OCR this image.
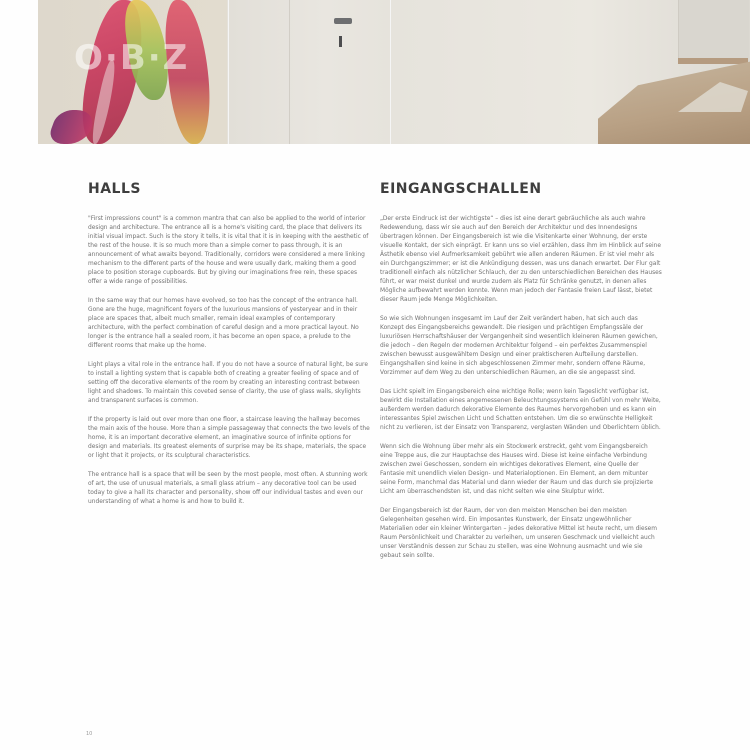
O·B·Z
HALLS

"First impressions count" is a common mantra that can also be applied to the world of interior design and architecture. The entrance all is a home's visiting card, the place that delivers its initial visual impact. Such is the story it tells, it is vital that it is in keeping with the aesthetic of the rest of the house. It is so much more than a simple corner to pass through, it is an announcement of what awaits beyond. Traditionally, corridors were considered a mere linking mechanism to the different parts of the house and were usually dark, making them a good place to position storage cupboards. But by giving our imaginations free rein, these spaces offer a wide range of possibilities.

In the same way that our homes have evolved, so too has the concept of the entrance hall. Gone are the huge, magnificent foyers of the luxurious mansions of yesteryear and in their place are spaces that, albeit much smaller, remain ideal examples of contemporary architecture, with the perfect combination of careful design and a more practical layout. No longer is the entrance hall a sealed room, it has become an open space, a prelude to the different rooms that make up the home.

Light plays a vital role in the entrance hall. If you do not have a source of natural light, be sure to install a lighting system that is capable both of creating a greater feeling of space and of setting off the decorative elements of the room by creating an interesting contrast between light and shadows. To maintain this coveted sense of clarity, the use of glass walls, skylights and transparent surfaces is common.

If the property is laid out over more than one floor, a staircase leaving the hallway becomes the main axis of the house. More than a simple passageway that connects the two levels of the home, it is an important decorative element, an imaginative source of infinite options for design and materials. Its greatest elements of surprise may be its shape, materials, the space or light that it projects, or its sculptural characteristics.

The entrance hall is a space that will be seen by the most people, most often. A stunning work of art, the use of unusual materials, a small glass atrium – any decorative tool can be used today to give a hall its character and personality, show off our individual tastes and even our understanding of what a home is and how to build it.

EINGANGSCHALLEN

„Der erste Eindruck ist der wichtigste“ – dies ist eine derart gebräuchliche als auch wahre Redewendung, dass wir sie auch auf den Bereich der Architektur und des Innendesigns übertragen können. Der Eingangsbereich ist wie die Visitenkarte einer Wohnung, der erste visuelle Kontakt, der sich einprägt. Er kann uns so viel erzählen, dass ihm im Hinblick auf seine Ästhetik ebenso viel Aufmerksamkeit gebührt wie allen anderen Räumen. Er ist viel mehr als ein Durchgangszimmer; er ist die Ankündigung dessen, was uns danach erwartet. Der Flur galt traditionell einfach als nützlicher Schlauch, der zu den unterschiedlichen Bereichen des Hauses führt, er war meist dunkel und wurde zudem als Platz für Schränke genutzt, in denen alles Mögliche aufbewahrt werden konnte. Wenn man jedoch der Fantasie freien Lauf lässt, bietet dieser Raum jede Menge Möglichkeiten.

So wie sich Wohnungen insgesamt im Lauf der Zeit verändert haben, hat sich auch das Konzept des Eingangsbereichs gewandelt. Die riesigen und prächtigen Empfangssäle der luxuriösen Herrschaftshäuser der Vergangenheit sind wesentlich kleineren Räumen gewichen, die jedoch – den Regeln der modernen Architektur folgend – ein perfektes Zusammenspiel zwischen bewusst ausgewähltem Design und einer praktischeren Aufteilung darstellen. Eingangshallen sind keine in sich abgeschlossenen Zimmer mehr, sondern offene Räume, Vorzimmer auf dem Weg zu den unterschiedlichen Räumen, an die sie angepasst sind.

Das Licht spielt im Eingangsbereich eine wichtige Rolle; wenn kein Tageslicht verfügbar ist, bewirkt die Installation eines angemessenen Beleuchtungssystems ein Gefühl von mehr Weite, außerdem werden dadurch dekorative Elemente des Raumes hervorgehoben und es kann ein interessantes Spiel zwischen Licht und Schatten entstehen. Um die so erwünschte Helligkeit nicht zu verlieren, ist der Einsatz von Transparenz, verglasten Wänden und Oberlichtern üblich.

Wenn sich die Wohnung über mehr als ein Stockwerk erstreckt, geht vom Eingangsbereich eine Treppe aus, die zur Hauptachse des Hauses wird. Diese ist keine einfache Verbindung zwischen zwei Geschossen, sondern ein wichtiges dekoratives Element, eine Quelle der Fantasie mit unendlich vielen Design- und Materialoptionen. Ein Element, an dem mitunter seine Form, manchmal das Material und dann wieder der Raum und das durch sie projizierte Licht am überraschendsten ist, und das nicht selten wie eine Skulptur wirkt.

Der Eingangsbereich ist der Raum, der von den meisten Menschen bei den meisten Gelegenheiten gesehen wird. Ein imposantes Kunstwerk, der Einsatz ungewöhnlicher Materialien oder ein kleiner Wintergarten – jedes dekorative Mittel ist heute recht, um diesem Raum Persönlichkeit und Charakter zu verleihen, um unseren Geschmack und vielleicht auch unser Verständnis dessen zur Schau zu stellen, was eine Wohnung ausmacht und wie sie gebaut sein sollte.

10
